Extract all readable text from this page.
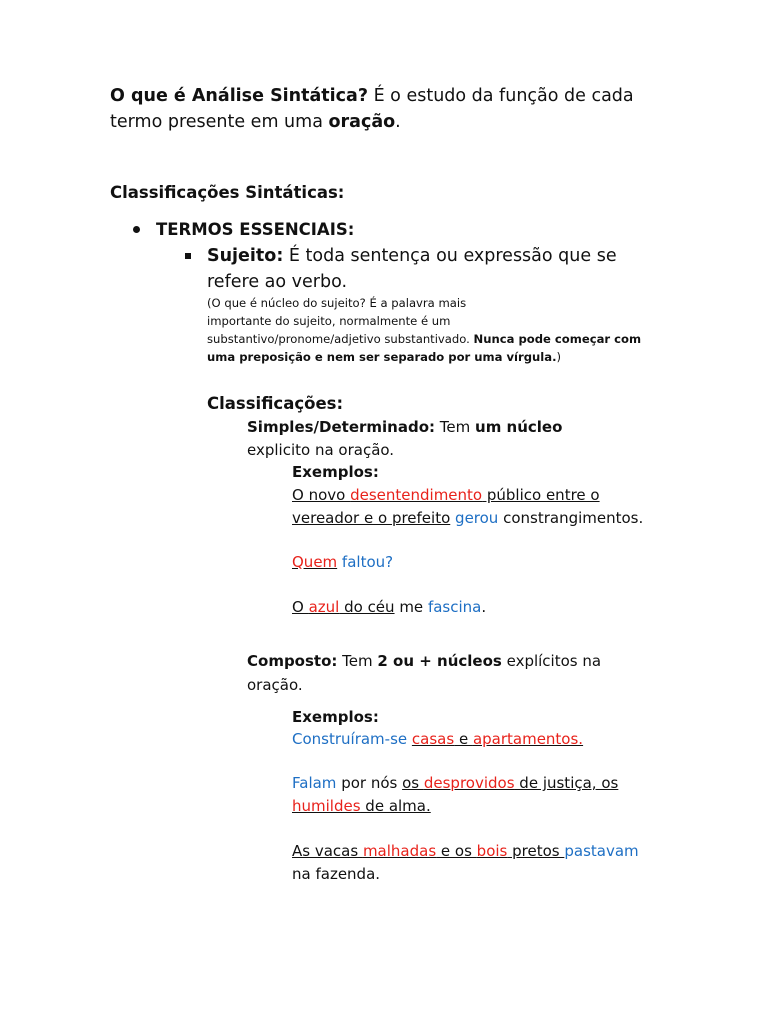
O que é Análise Sintática? É o estudo da função de cada
termo presente em uma oração.
Classificações Sintáticas:
TERMOS ESSENCIAIS:
Sujeito: É toda sentença ou expressão que se
refere ao verbo.
(O que é núcleo do sujeito? É a palavra mais
importante do sujeito, normalmente é um
substantivo/pronome/adjetivo substantivado. Nunca pode começar com
uma preposição e nem ser separado por uma vírgula.)
Classificações:
Simples/Determinado: Tem um núcleo
explicito na oração.
Exemplos:
O novo desentendimento público entre o
vereador e o prefeito gerou constrangimentos.
Quem faltou?
O azul do céu me fascina.
Composto: Tem 2 ou + núcleos explícitos na
oração.
Exemplos:
Construíram-se casas e apartamentos.
Falam por nós os desprovidos de justiça, os
humildes de alma.
As vacas malhadas e os bois pretos pastavam
na fazenda.
